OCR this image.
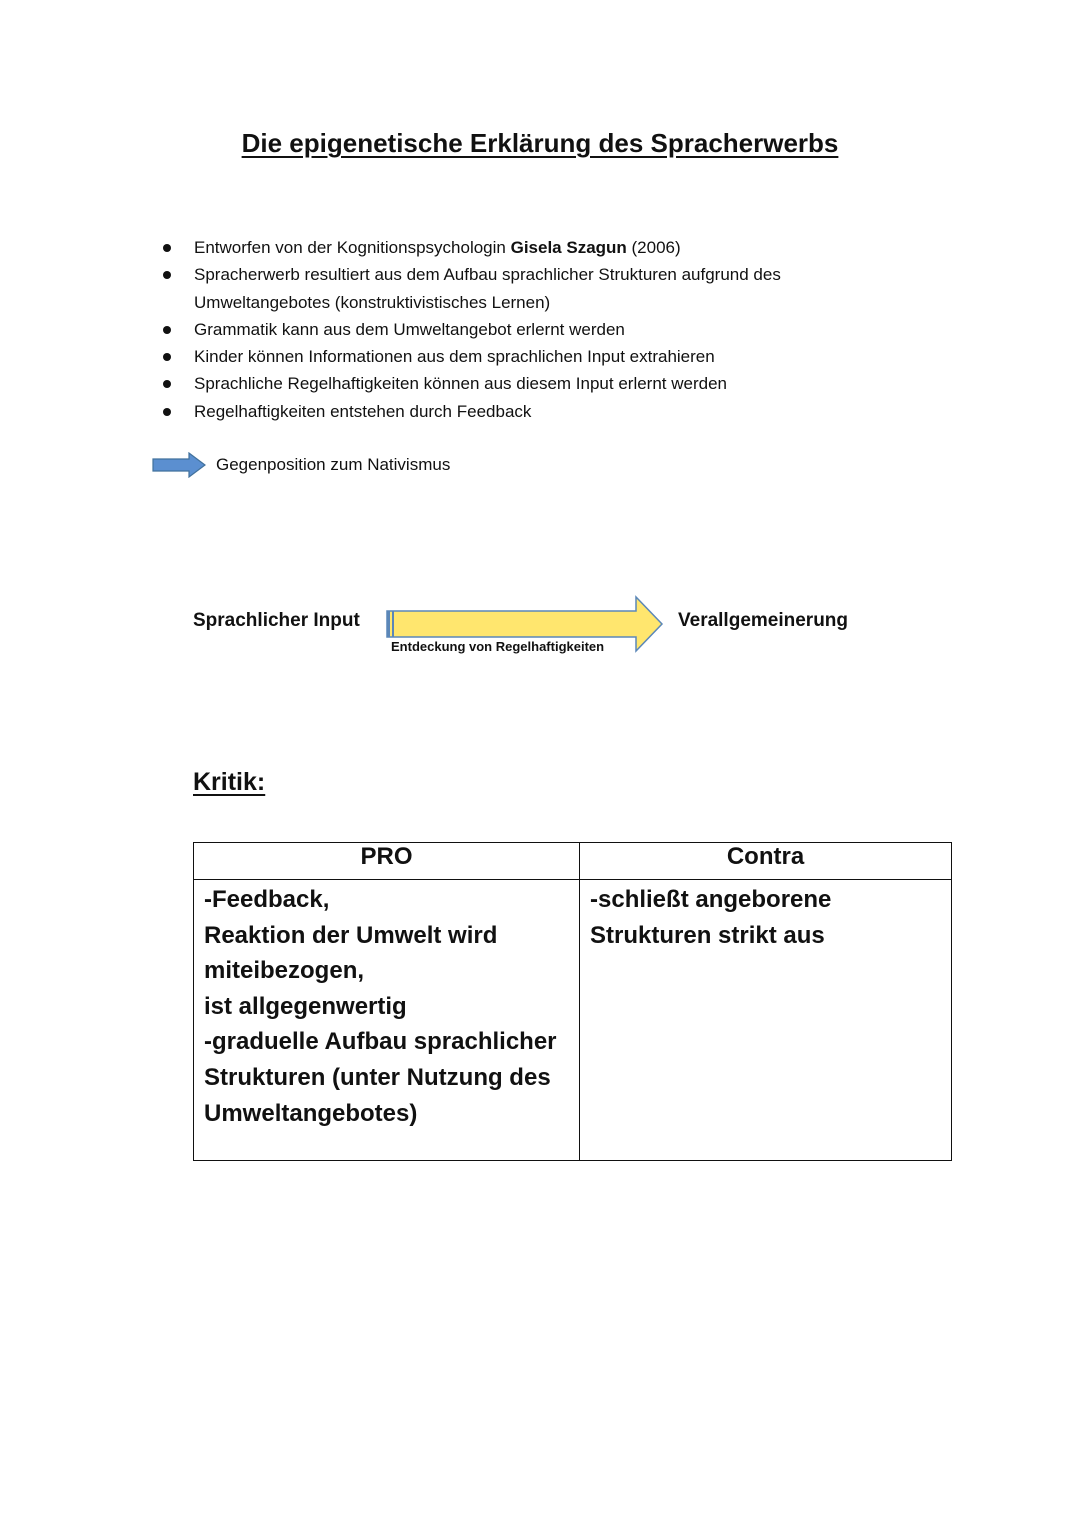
Die epigenetische Erklärung des Spracherwerbs
Entworfen von der Kognitionspsychologin Gisela Szagun (2006)
Spracherwerb resultiert aus dem Aufbau sprachlicher Strukturen aufgrund des Umweltangebotes (konstruktivistisches Lernen)
Grammatik kann aus dem Umweltangebot erlernt werden
Kinder können Informationen aus dem sprachlichen Input extrahieren
Sprachliche Regelhaftigkeiten können aus diesem Input erlernt werden
Regelhaftigkeiten entstehen durch Feedback
Gegenposition zum Nativismus
Sprachlicher Input
Entdeckung von Regelhaftigkeiten
Verallgemeinerung
Kritik:
PRO	Contra

-Feedback,
Reaktion der Umwelt wird miteibezogen,
ist allgegenwertig
-graduelle Aufbau sprachlicher Strukturen (unter Nutzung des Umweltangebotes)	-schließt angeborene Strukturen strikt aus
